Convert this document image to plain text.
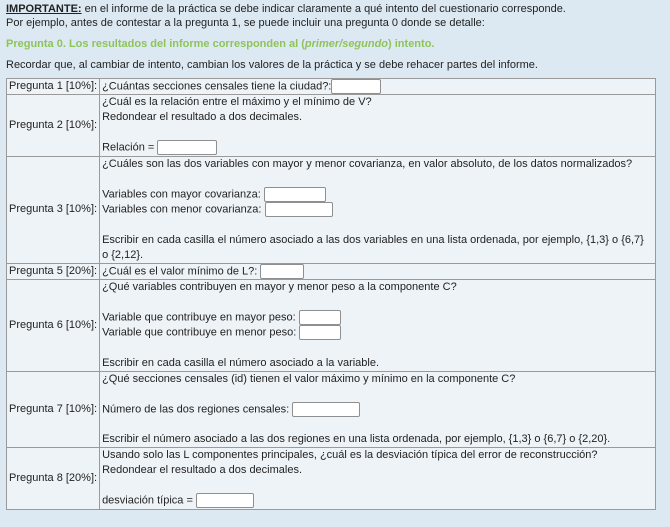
IMPORTANTE: en el informe de la práctica se debe indicar claramente a qué intento del cuestionario corresponde.

Por ejemplo, antes de contestar a la pregunta 1, se puede incluir una pregunta 0 donde se detalle:

Pregunta 0. Los resultados del informe corresponden al (primer/segundo) intento.
Recordar que, al cambiar de intento, cambian los valores de la práctica y se debe rehacer partes del informe.
Pregunta 1 [10%]:	¿Cuántas secciones censales tiene la ciudad?:
Pregunta 2 [10%]:	¿Cuál es la relación entre el máximo y el mínimo de V?
Redondear el resultado a dos decimales.
Relación =

Pregunta 3 [10%]:	¿Cuáles son las dos variables con mayor y menor covarianza, en valor absoluto, de los datos normalizados?
Variables con mayor covarianza:
Variables con menor covarianza:
Escribir en cada casilla el número asociado a las dos variables en una lista ordenada, por ejemplo, {1,3} o {6,7} o {2,12}.

Pregunta 5 [20%]:	¿Cuál es el valor mínimo de L?:
Pregunta 6 [10%]:	¿Qué variables contribuyen en mayor y menor peso a la componente C?
Variable que contribuye en mayor peso:
Variable que contribuye en menor peso:
Escribir en cada casilla el número asociado a la variable.

Pregunta 7 [10%]:	¿Qué secciones censales (id) tienen el valor máximo y mínimo en la componente C?
Número de las dos regiones censales:
Escribir el número asociado a las dos regiones en una lista ordenada, por ejemplo, {1,3} o {6,7} o {2,20}.

Pregunta 8 [20%]:	Usando solo las L componentes principales, ¿cuál es la desviación típica del error de reconstrucción?
Redondear el resultado a dos decimales.
desviación típica =
